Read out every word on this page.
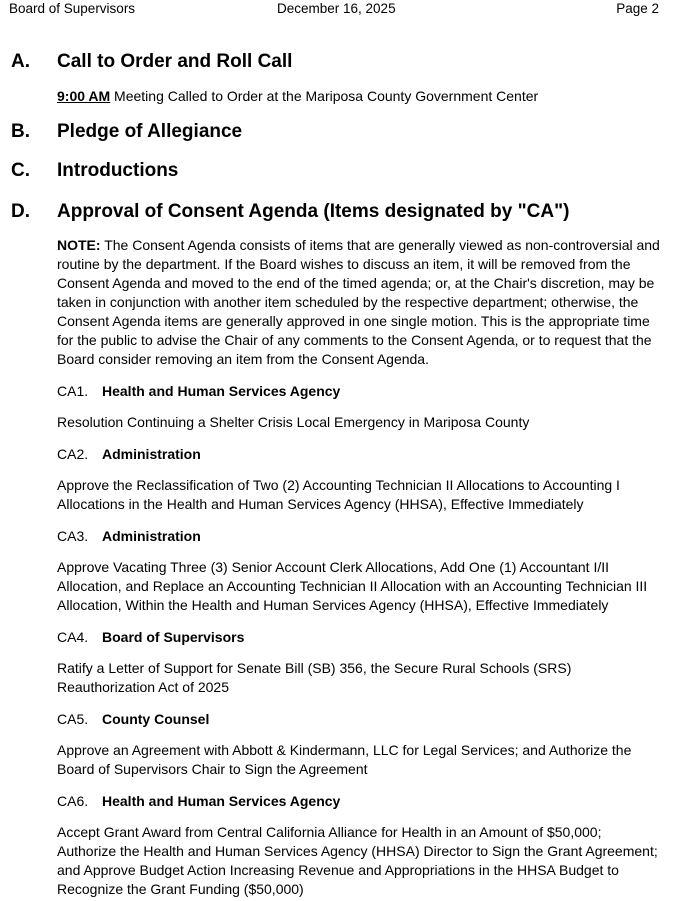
Board of Supervisors	December 16, 2025	Page 2
A. Call to Order and Roll Call
9:00 AM Meeting Called to Order at the Mariposa County Government Center
B. Pledge of Allegiance
C. Introductions
D. Approval of Consent Agenda (Items designated by "CA")
NOTE: The Consent Agenda consists of items that are generally viewed as non-controversial and routine by the department. If the Board wishes to discuss an item, it will be removed from the Consent Agenda and moved to the end of the timed agenda; or, at the Chair's discretion, may be taken in conjunction with another item scheduled by the respective department; otherwise, the Consent Agenda items are generally approved in one single motion. This is the appropriate time for the public to advise the Chair of any comments to the Consent Agenda, or to request that the Board consider removing an item from the Consent Agenda.
CA1. Health and Human Services Agency
Resolution Continuing a Shelter Crisis Local Emergency in Mariposa County
CA2. Administration
Approve the Reclassification of Two (2) Accounting Technician II Allocations to Accounting I Allocations in the Health and Human Services Agency (HHSA), Effective Immediately
CA3. Administration
Approve Vacating Three (3) Senior Account Clerk Allocations, Add One (1) Accountant I/II Allocation, and Replace an Accounting Technician II Allocation with an Accounting Technician III Allocation, Within the Health and Human Services Agency (HHSA), Effective Immediately
CA4. Board of Supervisors
Ratify a Letter of Support for Senate Bill (SB) 356, the Secure Rural Schools (SRS) Reauthorization Act of 2025
CA5. County Counsel
Approve an Agreement with Abbott & Kindermann, LLC for Legal Services; and Authorize the Board of Supervisors Chair to Sign the Agreement
CA6. Health and Human Services Agency
Accept Grant Award from Central California Alliance for Health in an Amount of $50,000; Authorize the Health and Human Services Agency (HHSA) Director to Sign the Grant Agreement; and Approve Budget Action Increasing Revenue and Appropriations in the HHSA Budget to Recognize the Grant Funding ($50,000)
